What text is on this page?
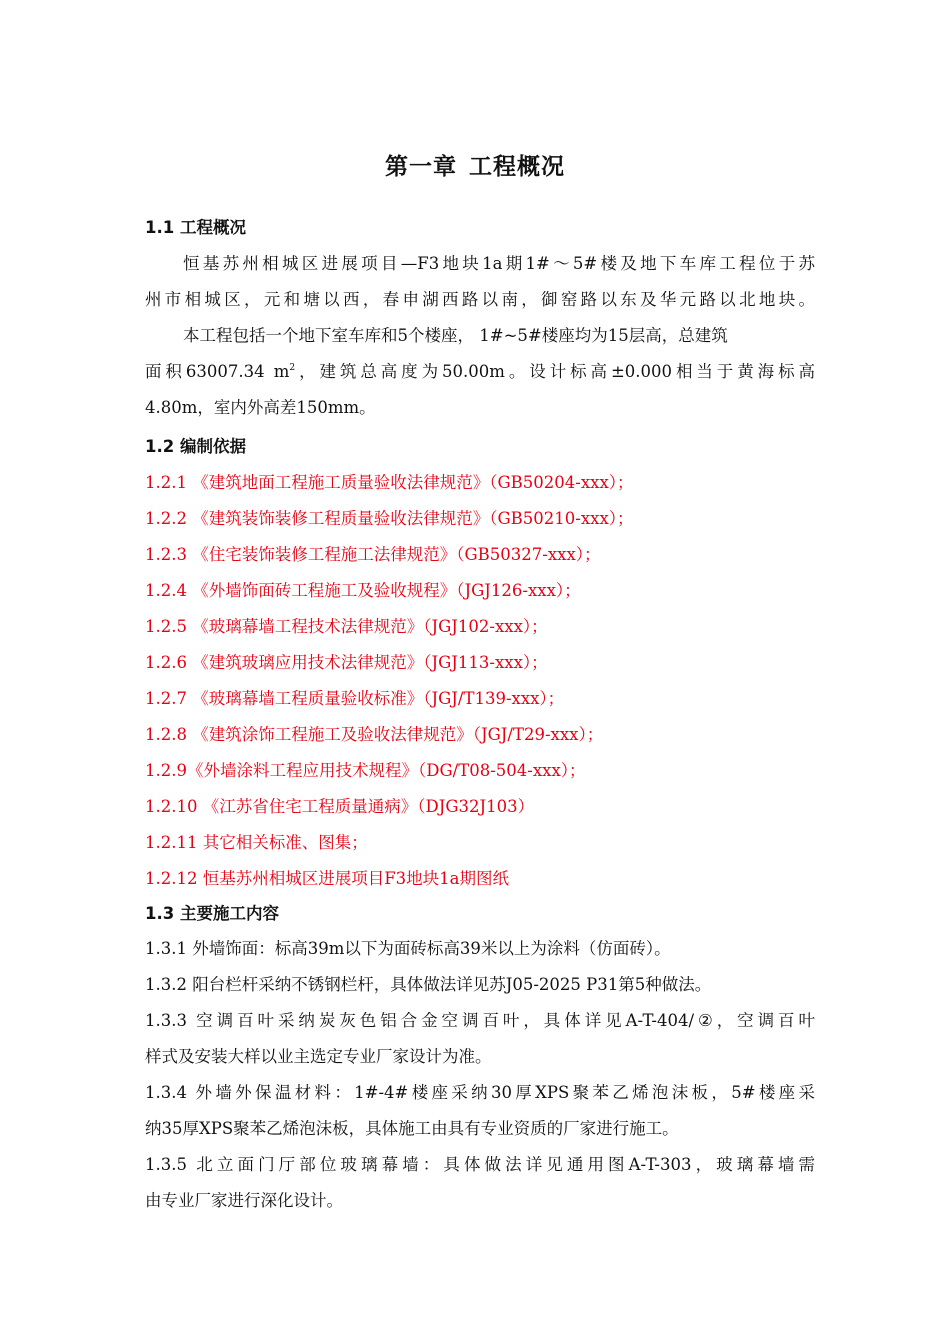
第一章 工程概况
1.1 工程概况
恒基苏州相城区进展项目—F3地块1a期1#～5#楼及地下车库工程位于苏
州市相城区，元和塘以西，春申湖西路以南，御窑路以东及华元路以北地块。
本工程包括一个地下室车库和5个楼座， 1#~5#楼座均为15层高，总建筑
面积63007.34 $m^2$，建筑总高度为50.00m。设计标高±0.000相当于黄海标高
4.80m，室内外高差150mm。
1.2 编制依据
1.2.1 《建筑地面工程施工质量验收法律规范》（GB50204-xxx）；
1.2.2 《建筑装饰装修工程质量验收法律规范》（GB50210-xxx）；
1.2.3 《住宅装饰装修工程施工法律规范》（GB50327-xxx）；
1.2.4 《外墙饰面砖工程施工及验收规程》（JGJ126-xxx）；
1.2.5 《玻璃幕墙工程技术法律规范》（JGJ102-xxx）；
1.2.6 《建筑玻璃应用技术法律规范》（JGJ113-xxx）；
1.2.7 《玻璃幕墙工程质量验收标准》（JGJ/T139-xxx）；
1.2.8 《建筑涂饰工程施工及验收法律规范》（JGJ/T29-xxx）；
1.2.9《外墙涂料工程应用技术规程》（DG/T08-504-xxx）；
1.2.10 《江苏省住宅工程质量通病》（DJG32J103）
1.2.11 其它相关标准、图集；
1.2.12 恒基苏州相城区进展项目F3地块1a期图纸
1.3 主要施工内容
1.3.1 外墙饰面：标高39m以下为面砖标高39米以上为涂料（仿面砖）。
1.3.2 阳台栏杆采纳不锈钢栏杆，具体做法详见苏J05-2025 P31第5种做法。
1.3.3 空调百叶采纳炭灰色铝合金空调百叶，具体详见A-T-404/②，空调百叶
样式及安装大样以业主选定专业厂家设计为准。
1.3.4 外墙外保温材料：1#-4#楼座采纳30厚XPS聚苯乙烯泡沫板，5#楼座采
纳35厚XPS聚苯乙烯泡沫板，具体施工由具有专业资质的厂家进行施工。
1.3.5 北立面门厅部位玻璃幕墙：具体做法详见通用图A-T-303，玻璃幕墙需
由专业厂家进行深化设计。
